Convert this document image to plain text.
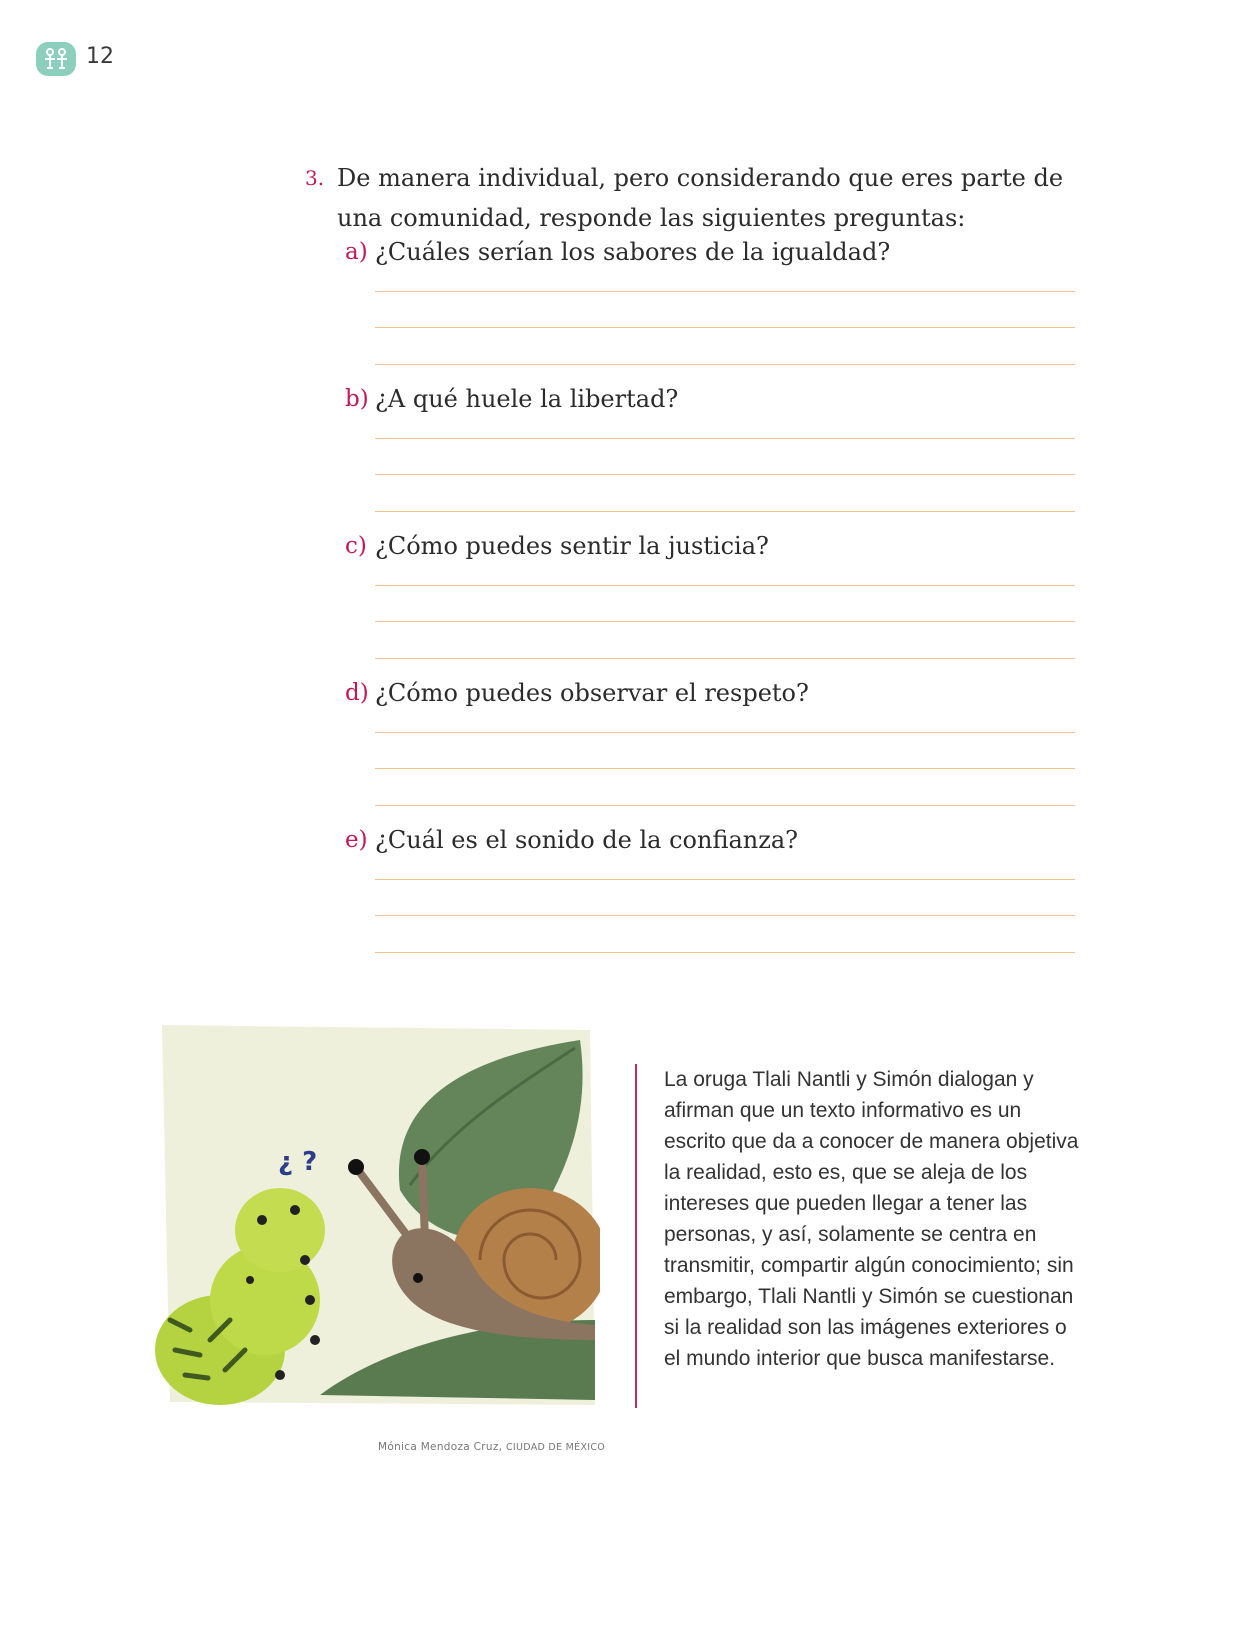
12
3. De manera individual, pero considerando que eres parte de una comunidad, responde las siguientes preguntas:
a) ¿Cuáles serían los sabores de la igualdad?
b) ¿A qué huele la libertad?
c) ¿Cómo puedes sentir la justicia?
d) ¿Cómo puedes observar el respeto?
e) ¿Cuál es el sonido de la confianza?
¿ ?
Mónica Mendoza Cruz, CIUDAD DE MÉXICO
La oruga Tlali Nantli y Simón dialogan y afirman que un texto informativo es un escrito que da a conocer de manera objetiva la realidad, esto es, que se aleja de los intereses que pueden llegar a tener las personas, y así, solamente se centra en transmitir, compartir algún conocimiento; sin embargo, Tlali Nantli y Simón se cuestionan si la realidad son las imágenes exteriores o el mundo interior que busca manifestarse.
